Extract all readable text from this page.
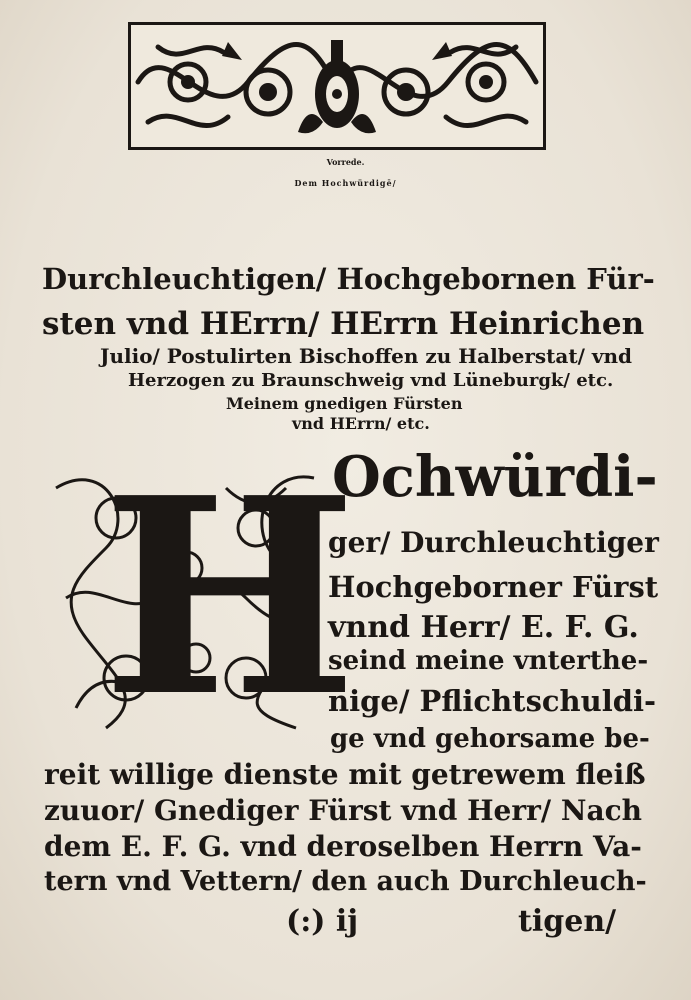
Vorrede.
Dem Hochwürdigē/
Durchleuchtigen/ Hochgebornen Für-
sten vnd HErrn/ HErrn Heinrichen
Julio/ Postulirten Bischoffen zu Halberstat/ vnd
Herzogen zu Braunschweig vnd Lüneburgk/ etc.
Meinem gnedigen Fürsten
vnd HErrn/ etc.
H
Ochwürdi-
ger/ Durchleuchtiger
Hochgeborner Fürst
vnnd Herr/ E. F. G.
seind meine vnterthe-
nige/ Pflichtschuldi-
ge vnd gehorsame be-
reit willige dienste mit getrewem fleiß
zuuor/ Gnediger Fürst vnd Herr/ Nach
dem E. F. G. vnd deroselben Herrn Va-
tern vnd Vettern/ den auch Durchleuch-
(:) ij	tigen/
